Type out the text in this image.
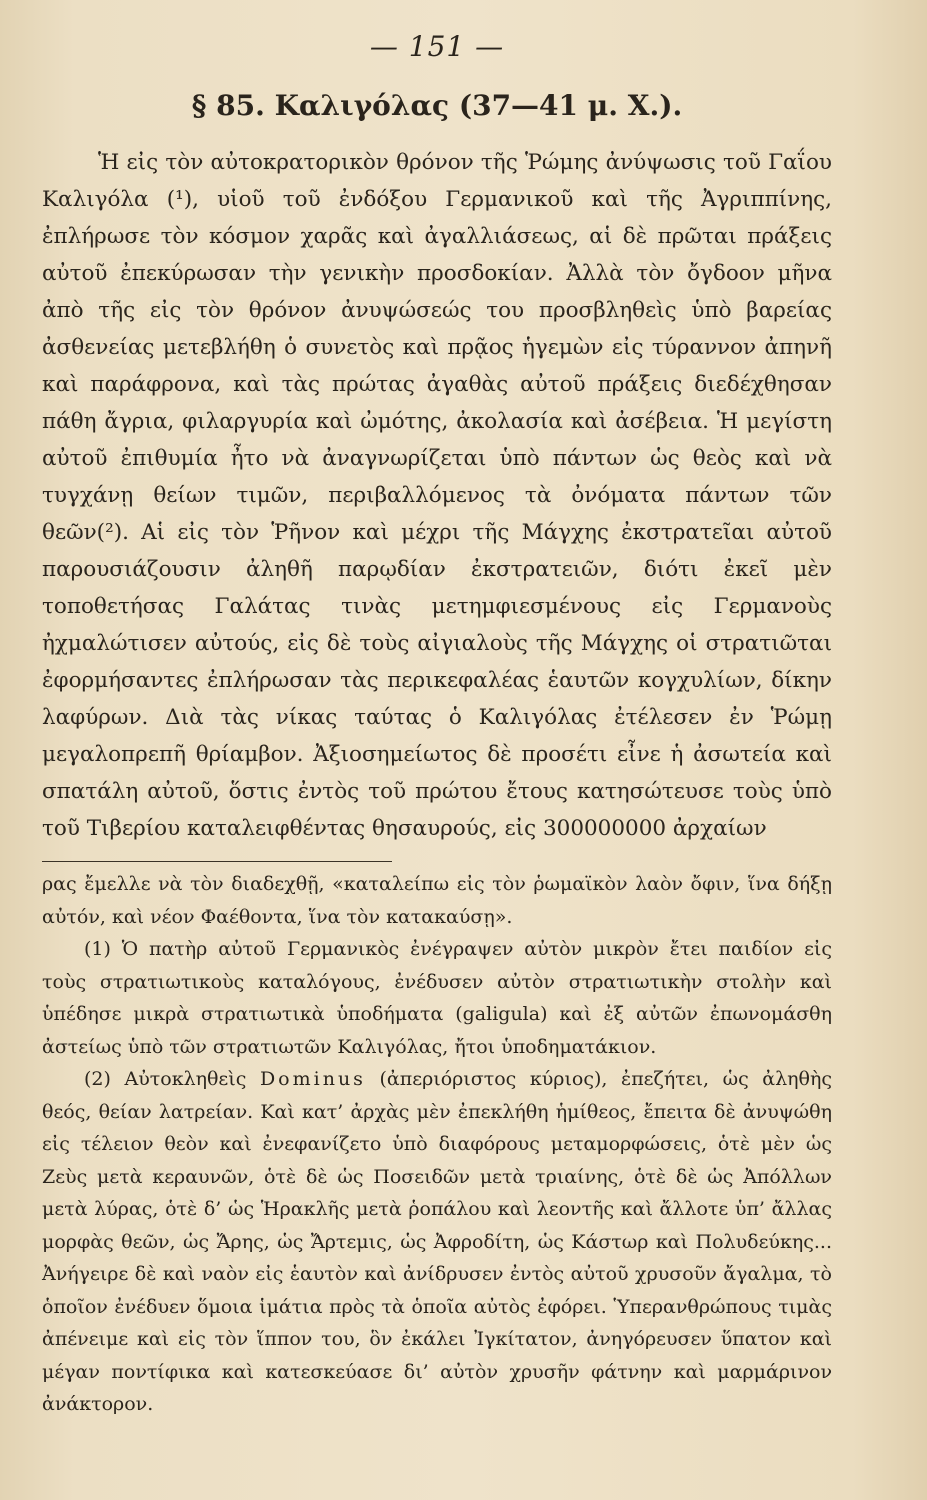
— 151 —
§ 85. Καλιγόλας (37—41 μ. Χ.).

Ἡ εἰς τὸν αὐτοκρατορικὸν θρόνον τῆς Ῥώμης ἀνύψωσις τοῦ Γαΐου Καλιγόλα (¹), υἱοῦ τοῦ ἐνδόξου Γερμανικοῦ καὶ τῆς Ἀγριππίνης, ἐπλήρωσε τὸν κόσμον χαρᾶς καὶ ἀγαλλιάσεως, αἱ δὲ πρῶται πράξεις αὐτοῦ ἐπεκύρωσαν τὴν γενικὴν προσδοκίαν. Ἀλλὰ τὸν ὄγδοον μῆνα ἀπὸ τῆς εἰς τὸν θρόνον ἀνυψώσεώς του προσβληθεὶς ὑπὸ βαρείας ἀσθενείας μετεβλήθη ὁ συνετὸς καὶ πρᾷος ἡγεμὼν εἰς τύραννον ἀπηνῆ καὶ παράφρονα, καὶ τὰς πρώτας ἀγαθὰς αὐτοῦ πράξεις διεδέχθησαν πάθη ἄγρια, φιλαργυρία καὶ ὠμότης, ἀκολασία καὶ ἀσέβεια. Ἡ μεγίστη αὐτοῦ ἐπιθυμία ἦτο νὰ ἀναγνωρίζεται ὑπὸ πάντων ὡς θεὸς καὶ νὰ τυγχάνῃ θείων τιμῶν, περιβαλλόμενος τὰ ὀνόματα πάντων τῶν θεῶν(²). Αἱ εἰς τὸν Ῥῆνον καὶ μέχρι τῆς Μάγχης ἐκστρατεῖαι αὐτοῦ παρουσιάζουσιν ἀληθῆ παρῳδίαν ἐκστρατειῶν, διότι ἐκεῖ μὲν τοποθετήσας Γαλάτας τινὰς μετημφιεσμένους εἰς Γερμανοὺς ἠχμαλώτισεν αὐτούς, εἰς δὲ τοὺς αἰγιαλοὺς τῆς Μάγχης οἱ στρατιῶται ἐφορμήσαντες ἐπλήρωσαν τὰς περικεφαλέας ἑαυτῶν κογχυλίων, δίκην λαφύρων. Διὰ τὰς νίκας ταύτας ὁ Καλιγόλας ἐτέλεσεν ἐν Ῥώμῃ μεγαλοπρεπῆ θρίαμβον. Ἀξιοσημείωτος δὲ προσέτι εἶνε ἡ ἀσωτεία καὶ σπατάλη αὐτοῦ, ὅστις ἐντὸς τοῦ πρώτου ἔτους κατησώτευσε τοὺς ὑπὸ τοῦ Τιβερίου καταλειφθέντας θησαυρούς, εἰς 300000000 ἀρχαίων

ρας ἔμελλε νὰ τὸν διαδεχθῇ, «καταλείπω εἰς τὸν ῥωμαϊκὸν λαὸν ὄφιν, ἵνα δήξῃ αὐτόν, καὶ νέον Φαέθοντα, ἵνα τὸν κατακαύσῃ».

(1) Ὁ πατὴρ αὐτοῦ Γερμανικὸς ἐνέγραψεν αὐτὸν μικρὸν ἔτει παιδίον εἰς τοὺς στρατιωτικοὺς καταλόγους, ἐνέδυσεν αὐτὸν στρατιωτικὴν στολὴν καὶ ὑπέδησε μικρὰ στρατιωτικὰ ὑποδήματα (galigula) καὶ ἐξ αὐτῶν ἐπωνομάσθη ἀστείως ὑπὸ τῶν στρατιωτῶν Καλιγόλας, ἤτοι ὑποδηματάκιον.

(2) Αὐτοκληθεὶς Dominus (ἀπεριόριστος κύριος), ἐπεζήτει, ὡς ἀληθὴς θεός, θείαν λατρείαν. Καὶ κατ’ ἀρχὰς μὲν ἐπεκλήθη ἡμίθεος, ἔπειτα δὲ ἀνυψώθη εἰς τέλειον θεὸν καὶ ἐνεφανίζετο ὑπὸ διαφόρους μεταμορφώσεις, ὁτὲ μὲν ὡς Ζεὺς μετὰ κεραυνῶν, ὁτὲ δὲ ὡς Ποσειδῶν μετὰ τριαίνης, ὁτὲ δὲ ὡς Ἀπόλλων μετὰ λύρας, ὁτὲ δ’ ὡς Ἡρακλῆς μετὰ ῥοπάλου καὶ λεοντῆς καὶ ἄλλοτε ὑπ’ ἄλλας μορφὰς θεῶν, ὡς Ἄρης, ὡς Ἄρτεμις, ὡς Ἀφροδίτη, ὡς Κάστωρ καὶ Πολυδεύκης... Ἀνήγειρε δὲ καὶ ναὸν εἰς ἑαυτὸν καὶ ἀνίδρυσεν ἐντὸς αὐτοῦ χρυσοῦν ἄγαλμα, τὸ ὁποῖον ἐνέδυεν ὅμοια ἱμάτια πρὸς τὰ ὁποῖα αὐτὸς ἐφόρει. Ὑπερανθρώπους τιμὰς ἀπένειμε καὶ εἰς τὸν ἵππον του, ὃν ἐκάλει Ἰγκίτατον, ἀνηγόρευσεν ὕπατον καὶ μέγαν ποντίφικα καὶ κατεσκεύασε δι’ αὐτὸν χρυσῆν φάτνην καὶ μαρμάρινον ἀνάκτορον.
